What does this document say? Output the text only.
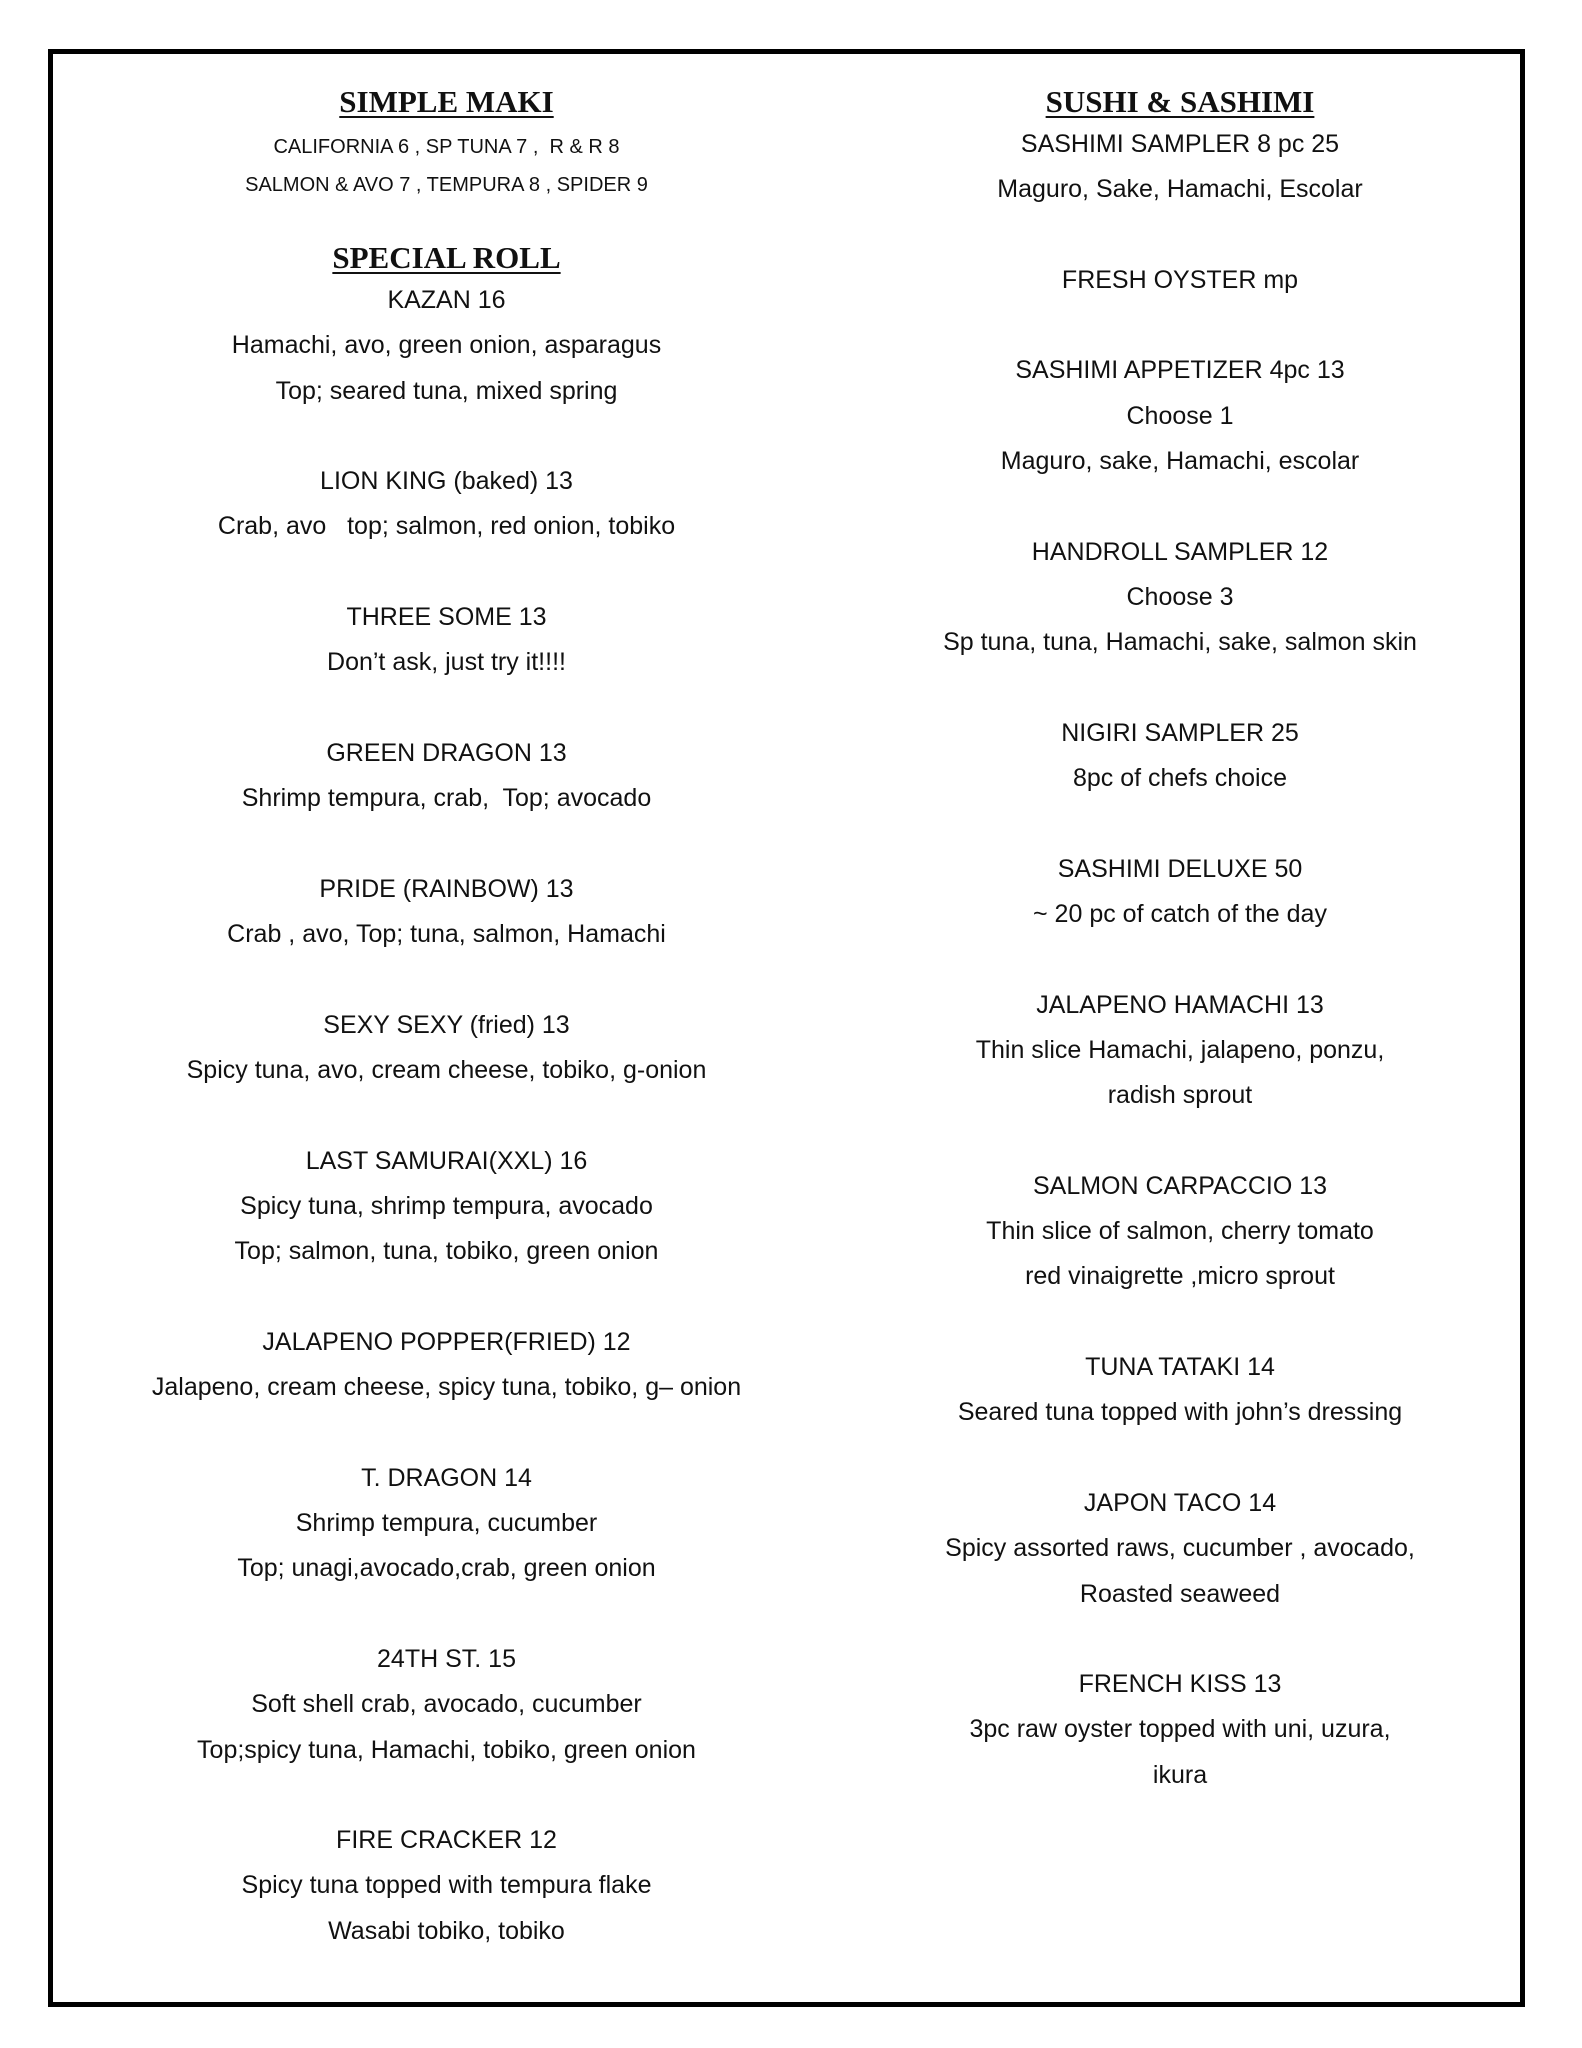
SIMPLE MAKI
CALIFORNIA 6 , SP TUNA 7 ,  R & R 8
SALMON & AVO 7 , TEMPURA 8 , SPIDER 9
SPECIAL ROLL
KAZAN 16
Hamachi, avo, green onion, asparagus
Top; seared tuna, mixed spring
LION KING (baked) 13
Crab, avo   top; salmon, red onion, tobiko
THREE SOME 13
Don’t ask, just try it!!!!
GREEN DRAGON 13
Shrimp tempura, crab,  Top; avocado
PRIDE (RAINBOW) 13
Crab , avo, Top; tuna, salmon, Hamachi
SEXY SEXY (fried) 13
Spicy tuna, avo, cream cheese, tobiko, g-onion
LAST SAMURAI(XXL) 16
Spicy tuna, shrimp tempura, avocado
Top; salmon, tuna, tobiko, green onion
JALAPENO POPPER(FRIED) 12
Jalapeno, cream cheese, spicy tuna, tobiko, g– onion
T. DRAGON 14
Shrimp tempura, cucumber
Top; unagi,avocado,crab, green onion
24TH ST. 15
Soft shell crab, avocado, cucumber
Top;spicy tuna, Hamachi, tobiko, green onion
FIRE CRACKER 12
Spicy tuna topped with tempura flake
Wasabi tobiko, tobiko
SUSHI & SASHIMI
SASHIMI SAMPLER 8 pc 25
Maguro, Sake, Hamachi, Escolar
FRESH OYSTER mp
SASHIMI APPETIZER 4pc 13
Choose 1
Maguro, sake, Hamachi, escolar
HANDROLL SAMPLER 12
Choose 3
Sp tuna, tuna, Hamachi, sake, salmon skin
NIGIRI SAMPLER 25
8pc of chefs choice
SASHIMI DELUXE 50
~ 20 pc of catch of the day
JALAPENO HAMACHI 13
Thin slice Hamachi, jalapeno, ponzu,
radish sprout
SALMON CARPACCIO 13
Thin slice of salmon, cherry tomato
red vinaigrette ,micro sprout
TUNA TATAKI 14
Seared tuna topped with john’s dressing
JAPON TACO 14
Spicy assorted raws, cucumber , avocado,
Roasted seaweed
FRENCH KISS 13
3pc raw oyster topped with uni, uzura,
ikura
